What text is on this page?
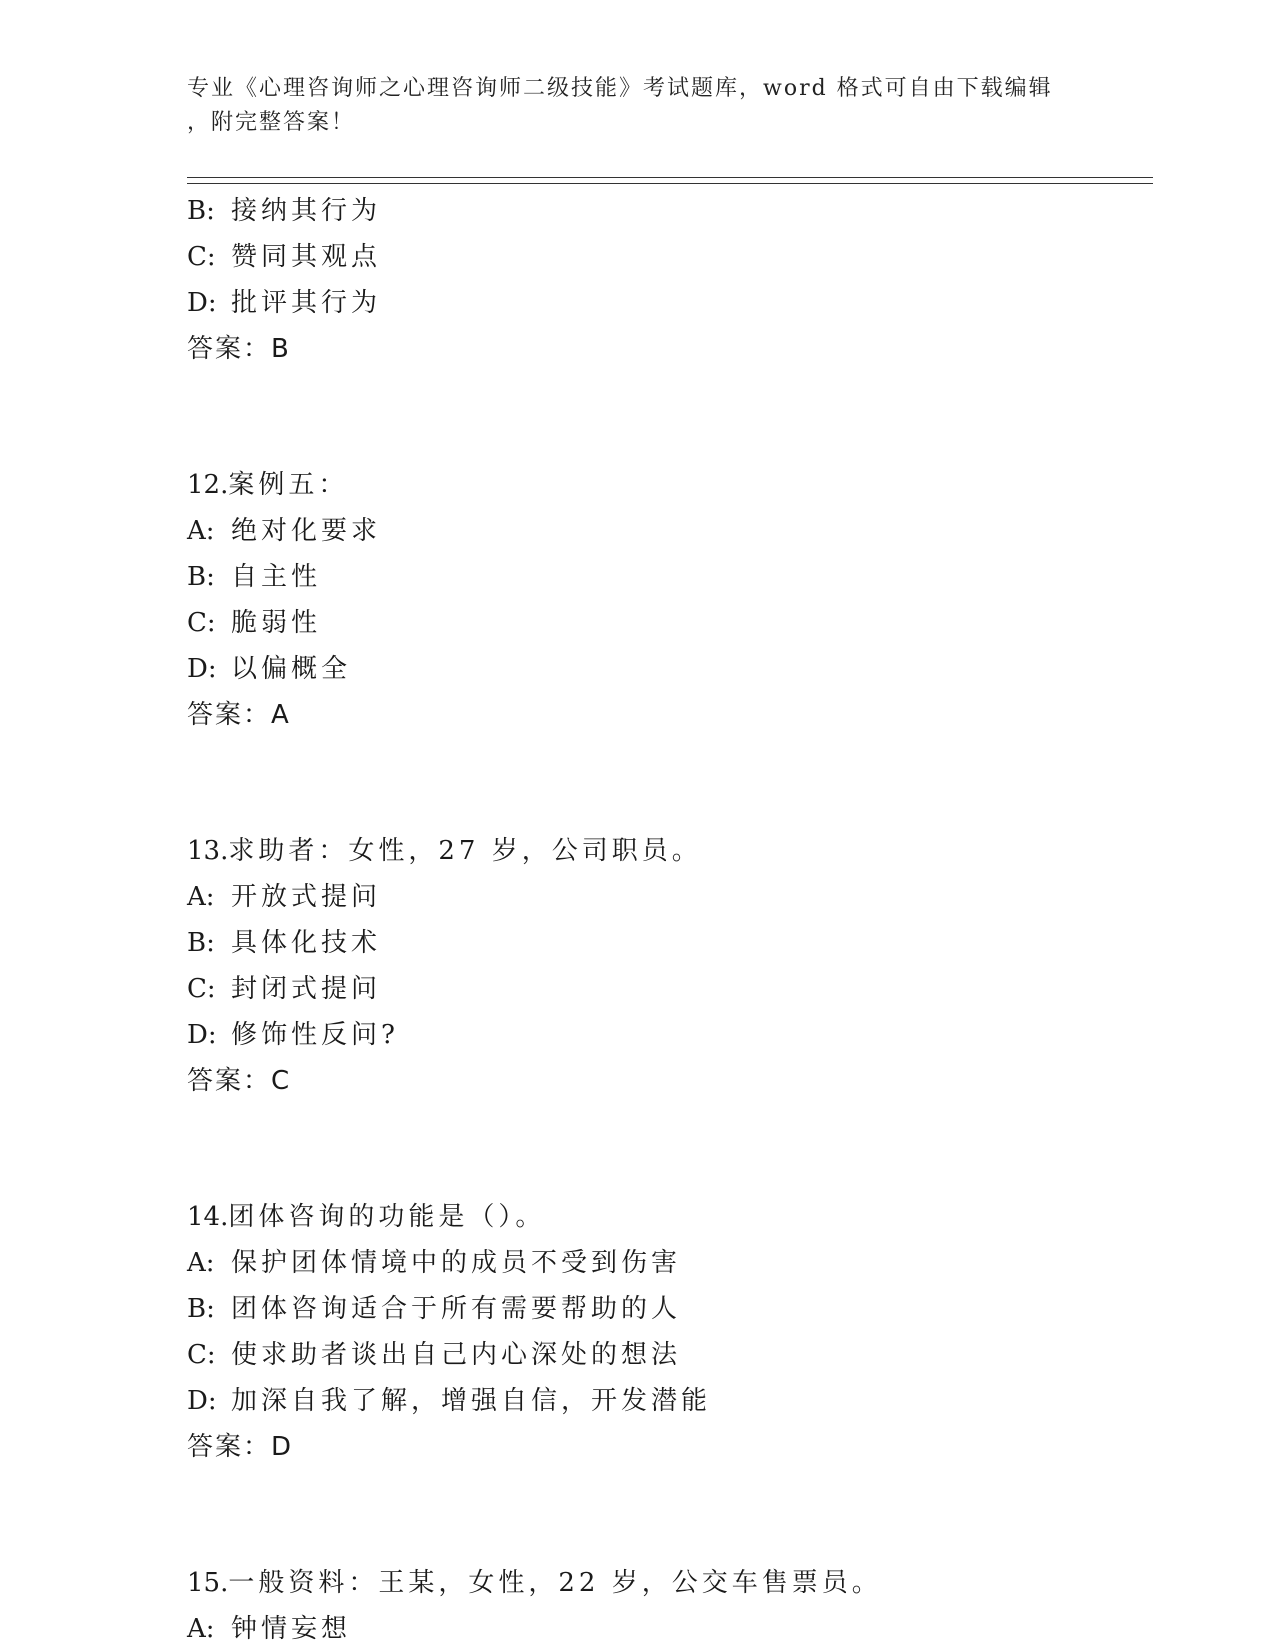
专业《心理咨询师之心理咨询师二级技能》考试题库，word 格式可自由下载编辑
，附完整答案！
B: 接纳其行为
C: 赞同其观点
D: 批评其行为
答案：B
12.案例五：
A: 绝对化要求
B: 自主性
C: 脆弱性
D: 以偏概全
答案：A
13.求助者：女性，27 岁，公司职员。
A: 开放式提问
B: 具体化技术
C: 封闭式提问
D: 修饰性反问?
答案：C
14.团体咨询的功能是（）。
A: 保护团体情境中的成员不受到伤害
B: 团体咨询适合于所有需要帮助的人
C: 使求助者谈出自己内心深处的想法
D: 加深自我了解，增强自信，开发潜能
答案：D
15.一般资料：王某，女性，22 岁，公交车售票员。
A: 钟情妄想
